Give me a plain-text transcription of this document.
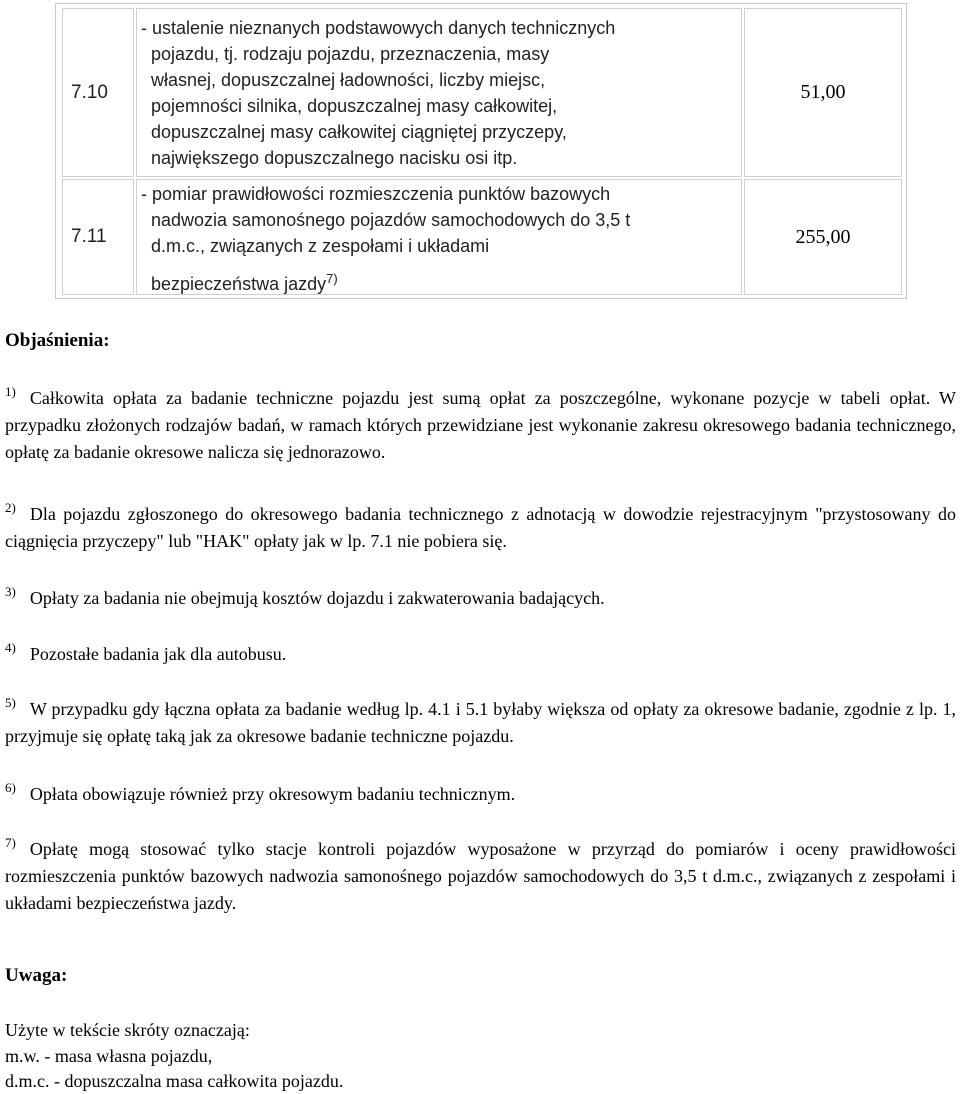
7.10
- ustalenie nieznanych podstawowych danych technicznych
pojazdu, tj. rodzaju pojazdu, przeznaczenia, masy
własnej, dopuszczalnej ładowności, liczby miejsc,
pojemności silnika, dopuszczalnej masy całkowitej,
dopuszczalnej masy całkowitej ciągniętej przyczepy,
największego dopuszczalnego nacisku osi itp.
51,00
7.11
- pomiar prawidłowości rozmieszczenia punktów bazowych
nadwozia samonośnego pojazdów samochodowych do 3,5 t
d.m.c., związanych z zespołami i układami
bezpieczeństwa jazdy$^{7)}$
255,00
Objaśnienia:

$^{1)}$ Całkowita opłata za badanie techniczne pojazdu jest sumą opłat za poszczególne, wykonane pozycje w tabeli opłat. W przypadku złożonych rodzajów badań, w ramach których przewidziane jest wykonanie zakresu okresowego badania technicznego, opłatę za badanie okresowe nalicza się jednorazowo.

$^{2)}$ Dla pojazdu zgłoszonego do okresowego badania technicznego z adnotacją w dowodzie rejestracyjnym "przystosowany do ciągnięcia przyczepy" lub "HAK" opłaty jak w lp. 7.1 nie pobiera się.

$^{3)}$ Opłaty za badania nie obejmują kosztów dojazdu i zakwaterowania badających.

$^{4)}$ Pozostałe badania jak dla autobusu.

$^{5)}$ W przypadku gdy łączna opłata za badanie według lp. 4.1 i 5.1 byłaby większa od opłaty za okresowe badanie, zgodnie z lp. 1, przyjmuje się opłatę taką jak za okresowe badanie techniczne pojazdu.

$^{6)}$ Opłata obowiązuje również przy okresowym badaniu technicznym.

$^{7)}$ Opłatę mogą stosować tylko stacje kontroli pojazdów wyposażone w przyrząd do pomiarów i oceny prawidłowości rozmieszczenia punktów bazowych nadwozia samonośnego pojazdów samochodowych do 3,5 t d.m.c., związanych z zespołami i układami bezpieczeństwa jazdy.

Uwaga:
Użyte w tekście skróty oznaczają:
m.w. - masa własna pojazdu,
d.m.c. - dopuszczalna masa całkowita pojazdu.
